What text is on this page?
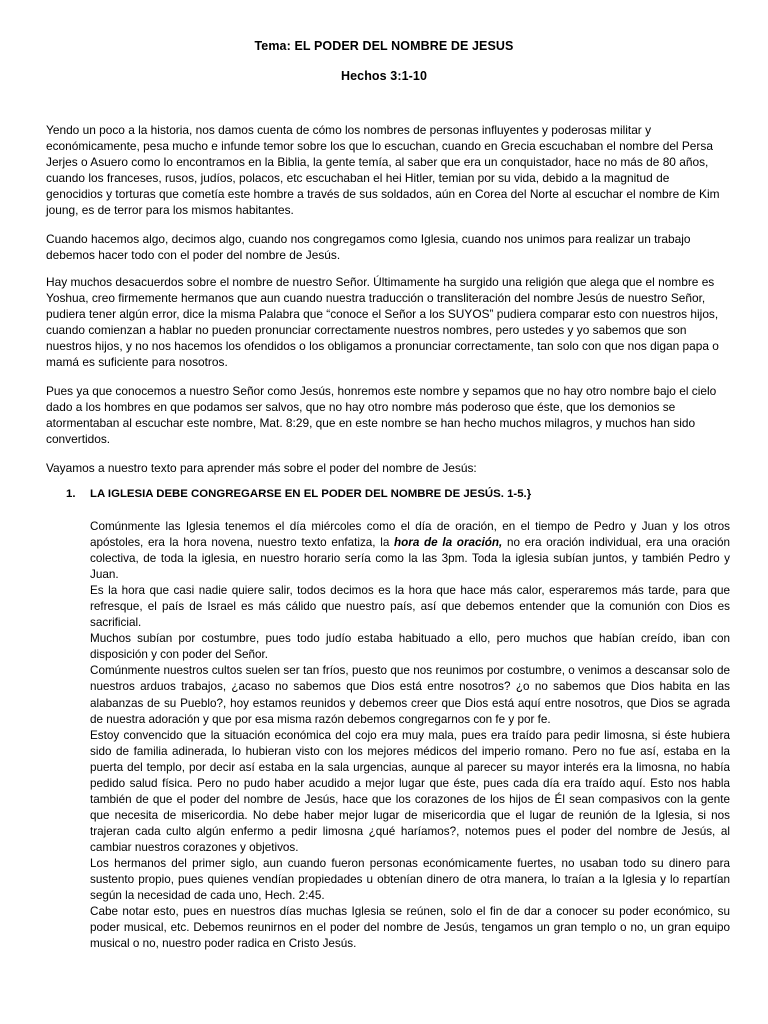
Tema: EL PODER DEL NOMBRE DE JESUS
Hechos 3:1-10

Yendo un poco a la historia, nos damos cuenta de cómo los nombres de personas influyentes y poderosas militar y económicamente, pesa mucho e infunde temor sobre los que lo escuchan, cuando en Grecia escuchaban el nombre del Persa Jerjes o Asuero como lo encontramos en la Biblia, la gente temía, al saber que era un conquistador, hace no más de 80 años, cuando los franceses, rusos, judíos, polacos, etc escuchaban el hei Hitler, temian por su vida, debido a la magnitud de genocidios y torturas que cometía este hombre a través de sus soldados, aún en Corea del Norte al escuchar el nombre de Kim joung, es de terror para los mismos habitantes.

Cuando hacemos algo, decimos algo, cuando nos congregamos como Iglesia, cuando nos unimos para realizar un trabajo debemos hacer todo con el poder del nombre de Jesús.

Hay muchos desacuerdos sobre el nombre de nuestro Señor. Últimamente ha surgido una religión que alega que el nombre es Yoshua, creo firmemente hermanos que aun cuando nuestra traducción o transliteración del nombre Jesús de nuestro Señor, pudiera tener algún error, dice la misma Palabra que “conoce el Señor a los SUYOS” pudiera comparar esto con nuestros hijos, cuando comienzan a hablar no pueden pronunciar correctamente nuestros nombres, pero ustedes y yo sabemos que son nuestros hijos, y no nos hacemos los ofendidos o los obligamos a pronunciar correctamente, tan solo con que nos digan papa o mamá es suficiente para nosotros.

Pues ya que conocemos a nuestro Señor como Jesús, honremos este nombre y sepamos que no hay otro nombre bajo el cielo dado a los hombres en que podamos ser salvos, que no hay otro nombre más poderoso que éste, que los demonios se atormentaban al escuchar este nombre, Mat. 8:29, que en este nombre se han hecho muchos milagros, y muchos han sido convertidos.

Vayamos a nuestro texto para aprender más sobre el poder del nombre de Jesús:

1. LA IGLESIA DEBE CONGREGARSE EN EL PODER DEL NOMBRE DE JESÚS. 1-5.}

Comúnmente las Iglesia tenemos el día miércoles como el día de oración, en el tiempo de Pedro y Juan y los otros apóstoles, era la hora novena, nuestro texto enfatiza, la hora de la oración, no era oración individual, era una oración colectiva, de toda la iglesia, en nuestro horario sería como la las 3pm. Toda la iglesia subían juntos, y también Pedro y Juan.

Es la hora que casi nadie quiere salir, todos decimos es la hora que hace más calor, esperaremos más tarde, para que refresque, el país de Israel es más cálido que nuestro país, así que debemos entender que la comunión con Dios es sacrificial.

Muchos subían por costumbre, pues todo judío estaba habituado a ello, pero muchos que habían creído, iban con disposición y con poder del Señor.

Comúnmente nuestros cultos suelen ser tan fríos, puesto que nos reunimos por costumbre, o venimos a descansar solo de nuestros arduos trabajos, ¿acaso no sabemos que Dios está entre nosotros? ¿o no sabemos que Dios habita en las alabanzas de su Pueblo?, hoy estamos reunidos y debemos creer que Dios está aquí entre nosotros, que Dios se agrada de nuestra adoración y que por esa misma razón debemos congregarnos con fe y por fe.

Estoy convencido que la situación económica del cojo era muy mala, pues era traído para pedir limosna, si éste hubiera sido de familia adinerada, lo hubieran visto con los mejores médicos del imperio romano. Pero no fue así, estaba en la puerta del templo, por decir así estaba en la sala urgencias, aunque al parecer su mayor interés era la limosna, no había pedido salud física. Pero no pudo haber acudido a mejor lugar que éste, pues cada día era traído aquí. Esto nos habla también de que el poder del nombre de Jesús, hace que los corazones de los hijos de Él sean compasivos con la gente que necesita de misericordia. No debe haber mejor lugar de misericordia que el lugar de reunión de la Iglesia, si nos trajeran cada culto algún enfermo a pedir limosna ¿qué haríamos?, notemos pues el poder del nombre de Jesús, al cambiar nuestros corazones y objetivos.

Los hermanos del primer siglo, aun cuando fueron personas económicamente fuertes, no usaban todo su dinero para sustento propio, pues quienes vendían propiedades u obtenían dinero de otra manera, lo traían a la Iglesia y lo repartían según la necesidad de cada uno, Hech. 2:45.

Cabe notar esto, pues en nuestros días muchas Iglesia se reúnen, solo el fin de dar a conocer su poder económico, su poder musical, etc. Debemos reunirnos en el poder del nombre de Jesús, tengamos un gran templo o no, un gran equipo musical o no, nuestro poder radica en Cristo Jesús.
